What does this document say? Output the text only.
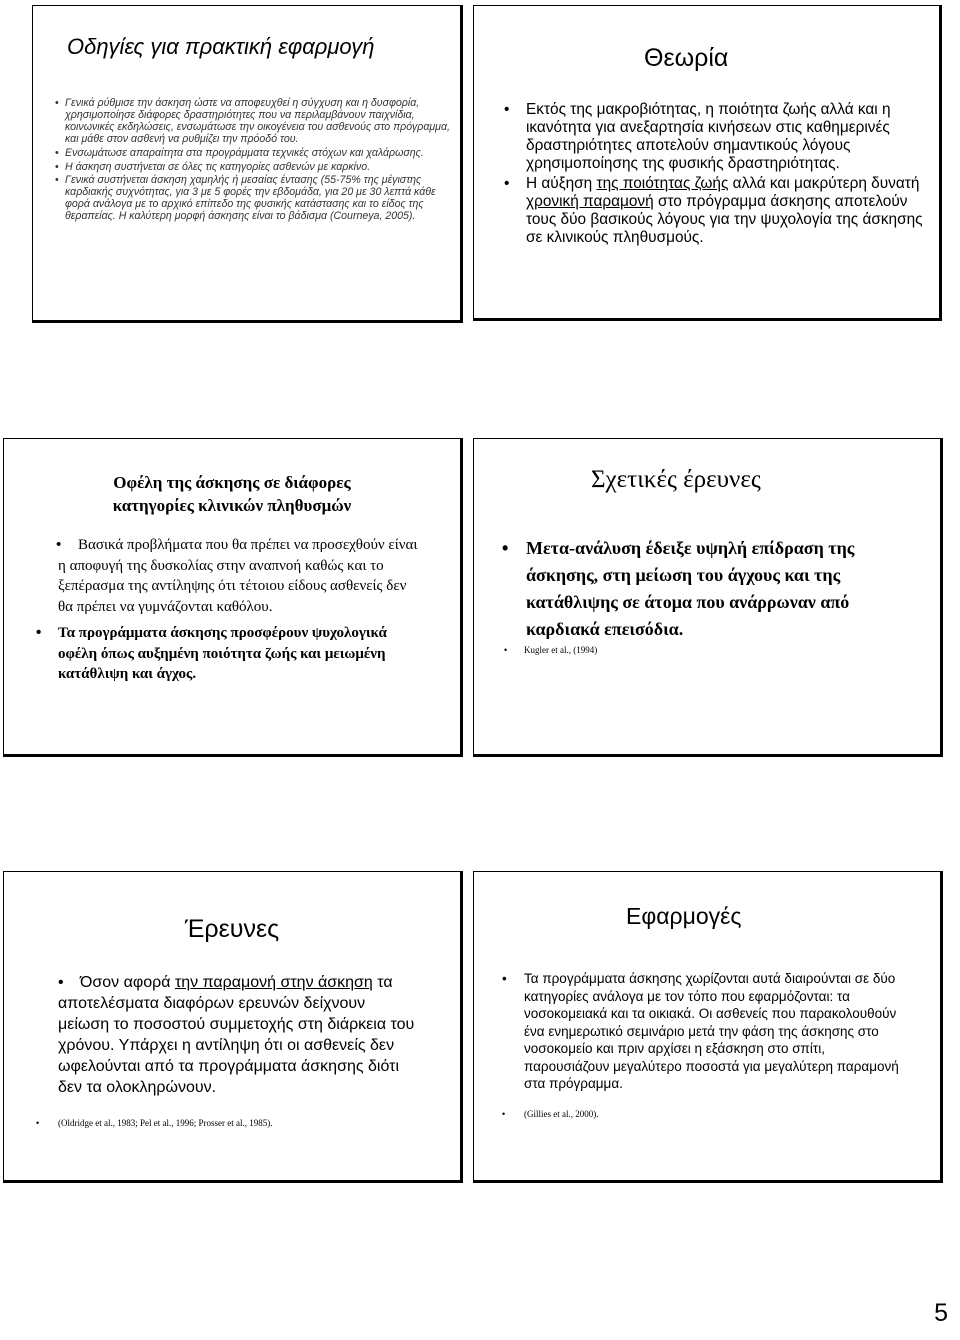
Οδηγίες για πρακτική εφαρμογή
• Γενικά ρύθμισε την άσκηση ώστε να αποφευχθεί η σύγχυση και η δυσφορία, χρησιμοποίησε διάφορες δραστηριότητες που να περιλαμβάνουν παιχνίδια, κοινωνικές εκδηλώσεις, ενσωμάτωσε την οικογένεια του ασθενούς στο πρόγραμμα, και μάθε στον ασθενή να ρυθμίζει την πρόοδό του.
• Ενσωμάτωσε απαραίτητα στα προγράμματα τεχνικές στόχων και χαλάρωσης.
• Η άσκηση συστήνεται σε όλες τις κατηγορίες ασθενών με καρκίνο.
• Γενικά συστήνεται άσκηση χαμηλής ή μεσαίας έντασης (55-75% της μέγιστης καρδιακής συχνότητας, για 3 με 5 φορές την εβδομάδα, για 20 με 30 λεπτά κάθε φορά ανάλογα με το αρχικό επίπεδο της φυσικής κατάστασης και το είδος της θεραπείας. Η καλύτερη μορφή άσκησης είναι το βάδισμα (Courneya, 2005).
Θεωρία
• Εκτός της μακροβιότητας, η ποιότητα ζωής αλλά και η ικανότητα για ανεξαρτησία κινήσεων στις καθημερινές δραστηριότητες αποτελούν σημαντικούς λόγους χρησιμοποίησης της φυσικής δραστηριότητας.
• Η αύξηση της ποιότητας ζωής αλλά και μακρύτερη δυνατή χρονική παραμονή στο πρόγραμμα άσκησης αποτελούν τους δύο βασικούς λόγους για την ψυχολογία της άσκησης σε κλινικούς πληθυσμούς.
Οφέλη της άσκησης σε διάφορες
κατηγορίες κλινικών πληθυσμών
• Βασικά προβλήματα που θα πρέπει να προσεχθούν είναι η αποφυγή της δυσκολίας στην αναπνοή καθώς και το ξεπέρασμα της αντίληψης ότι τέτοιου είδους ασθενείς δεν θα πρέπει να γυμνάζονται καθόλου.
• Τα προγράμματα άσκησης προσφέρουν ψυχολογικά οφέλη όπως αυξημένη ποιότητα ζωής και μειωμένη κατάθλιψη και άγχος.
Σχετικές έρευνες
• Μετα-ανάλυση έδειξε υψηλή επίδραση της άσκησης, στη μείωση του άγχους και της κατάθλιψης σε άτομα που ανάρρωναν από καρδιακά επεισόδια.
• Kugler et al., (1994)
Έρευνες
• Όσον αφορά την παραμονή στην άσκηση τα αποτελέσματα διαφόρων ερευνών δείχνουν μείωση το ποσοστού συμμετοχής στη διάρκεια του χρόνου. Υπάρχει η αντίληψη ότι οι ασθενείς δεν ωφελούνται από τα προγράμματα άσκησης διότι δεν τα ολοκληρώνουν.
• (Oldridge et al., 1983; Pel et al., 1996; Prosser et al., 1985).
Εφαρμογές
• Τα προγράμματα άσκησης χωρίζονται αυτά διαιρούνται σε δύο κατηγορίες ανάλογα με τον τόπο που εφαρμόζονται: τα νοσοκομειακά και τα οικιακά. Οι ασθενείς που παρακολουθούν ένα ενημερωτικό σεμινάριο μετά την φάση της άσκησης στο νοσοκομείο και πριν αρχίσει η εξάσκηση στο σπίτι, παρουσιάζουν μεγαλύτερο ποσοστά για μεγαλύτερη παραμονή στα πρόγραμμα.
• (Gillies et al., 2000).
5
